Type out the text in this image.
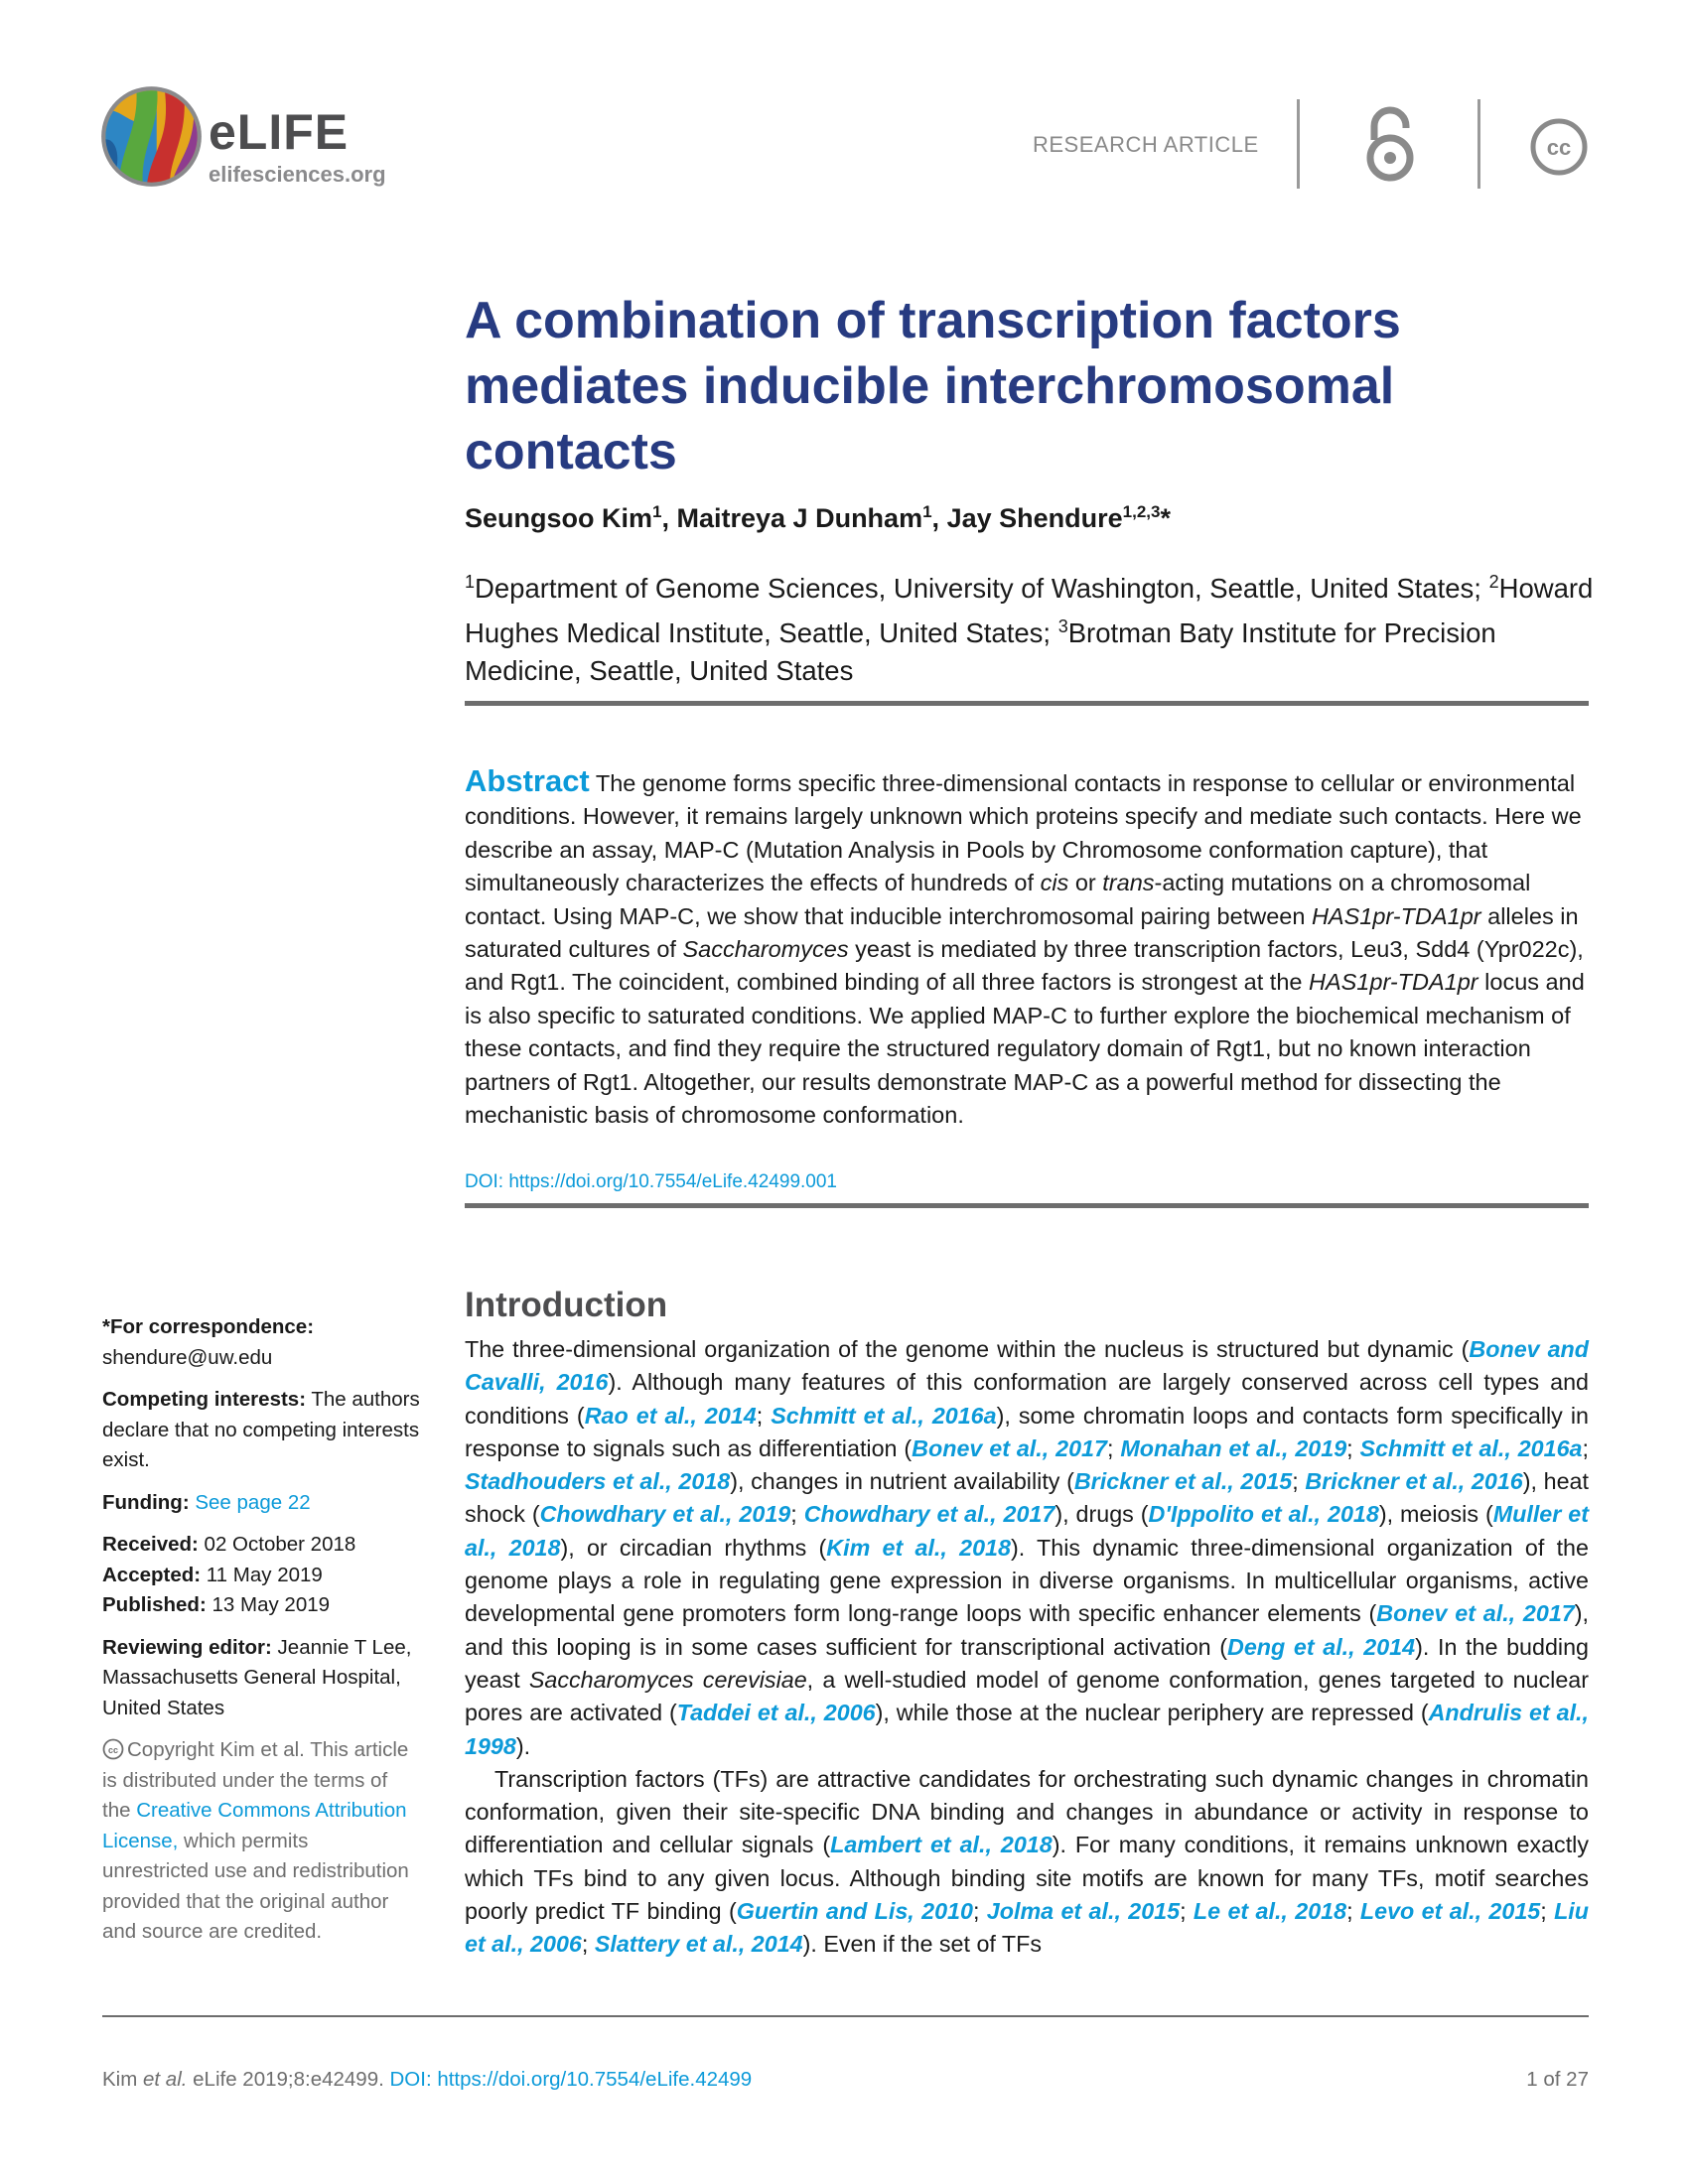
eLIFE
elifesciences.org
RESEARCH ARTICLE	cc
A combination of transcription factors mediates inducible interchromosomal contacts
Seungsoo Kim$^1$, Maitreya J Dunham$^1$, Jay Shendure$^{1,2,3}$*
$^1$Department of Genome Sciences, University of Washington, Seattle, United States; $^2$Howard Hughes Medical Institute, Seattle, United States; $^3$Brotman Baty Institute for Precision Medicine, Seattle, United States
Abstract The genome forms specific three-dimensional contacts in response to cellular or environmental conditions. However, it remains largely unknown which proteins specify and mediate such contacts. Here we describe an assay, MAP-C (Mutation Analysis in Pools by Chromosome conformation capture), that simultaneously characterizes the effects of hundreds of cis or trans-acting mutations on a chromosomal contact. Using MAP-C, we show that inducible interchromosomal pairing between HAS1pr-TDA1pr alleles in saturated cultures of Saccharomyces yeast is mediated by three transcription factors, Leu3, Sdd4 (Ypr022c), and Rgt1. The coincident, combined binding of all three factors is strongest at the HAS1pr-TDA1pr locus and is also specific to saturated conditions. We applied MAP-C to further explore the biochemical mechanism of these contacts, and find they require the structured regulatory domain of Rgt1, but no known interaction partners of Rgt1. Altogether, our results demonstrate MAP-C as a powerful method for dissecting the mechanistic basis of chromosome conformation.
DOI: https://doi.org/10.7554/eLife.42499.001

*For correspondence:
shendure@uw.edu

Competing interests: The authors declare that no competing interests exist.

Funding: See page 22

Received: 02 October 2018
Accepted: 11 May 2019
Published: 13 May 2019

Reviewing editor: Jeannie T Lee, Massachusetts General Hospital, United States

cc Copyright Kim et al. This article is distributed under the terms of the Creative Commons Attribution License, which permits unrestricted use and redistribution provided that the original author and source are credited.

Introduction

The three-dimensional organization of the genome within the nucleus is structured but dynamic (Bonev and Cavalli, 2016). Although many features of this conformation are largely conserved across cell types and conditions (Rao et al., 2014; Schmitt et al., 2016a), some chromatin loops and contacts form specifically in response to signals such as differentiation (Bonev et al., 2017; Monahan et al., 2019; Schmitt et al., 2016a; Stadhouders et al., 2018), changes in nutrient availability (Brickner et al., 2015; Brickner et al., 2016), heat shock (Chowdhary et al., 2019; Chowdhary et al., 2017), drugs (D'Ippolito et al., 2018), meiosis (Muller et al., 2018), or circadian rhythms (Kim et al., 2018). This dynamic three-dimensional organization of the genome plays a role in regulating gene expression in diverse organisms. In multicellular organisms, active developmental gene promoters form long-range loops with specific enhancer elements (Bonev et al., 2017), and this looping is in some cases sufficient for transcriptional activation (Deng et al., 2014). In the budding yeast Saccharomyces cerevisiae, a well-studied model of genome conformation, genes targeted to nuclear pores are activated (Taddei et al., 2006), while those at the nuclear periphery are repressed (Andrulis et al., 1998).

Transcription factors (TFs) are attractive candidates for orchestrating such dynamic changes in chromatin conformation, given their site-specific DNA binding and changes in abundance or activity in response to differentiation and cellular signals (Lambert et al., 2018). For many conditions, it remains unknown exactly which TFs bind to any given locus. Although binding site motifs are known for many TFs, motif searches poorly predict TF binding (Guertin and Lis, 2010; Jolma et al., 2015; Le et al., 2018; Levo et al., 2015; Liu et al., 2006; Slattery et al., 2014). Even if the set of TFs

Kim et al. eLife 2019;8:e42499. DOI: https://doi.org/10.7554/eLife.42499	1 of 27
